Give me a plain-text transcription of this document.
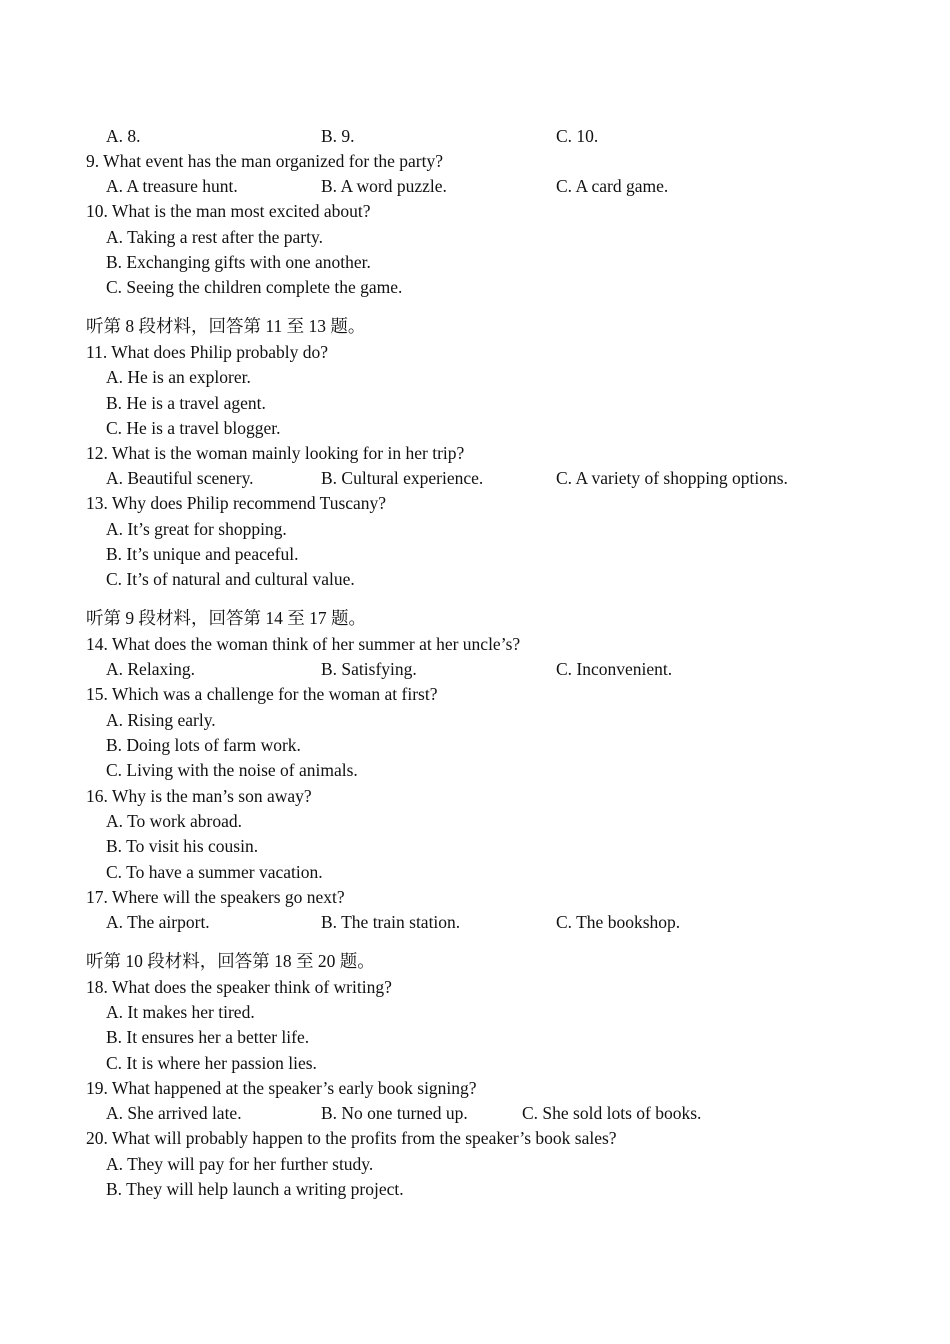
A. 8.	B. 9.	C. 10.
9. What event has the man organized for the party?
A. A treasure hunt.	B. A word puzzle.	C. A card game.
10. What is the man most excited about?
A. Taking a rest after the party.
B. Exchanging gifts with one another.
C. Seeing the children complete the game.
听第 8 段材料，回答第 11 至 13 题。
11. What does Philip probably do?
A. He is an explorer.
B. He is a travel agent.
C. He is a travel blogger.
12. What is the woman mainly looking for in her trip?
A. Beautiful scenery.	B. Cultural experience.	C. A variety of shopping options.
13. Why does Philip recommend Tuscany?
A. It’s great for shopping.
B. It’s unique and peaceful.
C. It’s of natural and cultural value.
听第 9 段材料，回答第 14 至 17 题。
14. What does the woman think of her summer at her uncle’s?
A. Relaxing.	B. Satisfying.	C. Inconvenient.
15. Which was a challenge for the woman at first?
A. Rising early.
B. Doing lots of farm work.
C. Living with the noise of animals.
16. Why is the man’s son away?
A. To work abroad.
B. To visit his cousin.
C. To have a summer vacation.
17. Where will the speakers go next?
A. The airport.	B. The train station.	C. The bookshop.
听第 10 段材料，回答第 18 至 20 题。
18. What does the speaker think of writing?
A. It makes her tired.
B. It ensures her a better life.
C. It is where her passion lies.
19. What happened at the speaker’s early book signing?
A. She arrived late.	B. No one turned up.	C. She sold lots of books.
20. What will probably happen to the profits from the speaker’s book sales?
A. They will pay for her further study.
B. They will help launch a writing project.
